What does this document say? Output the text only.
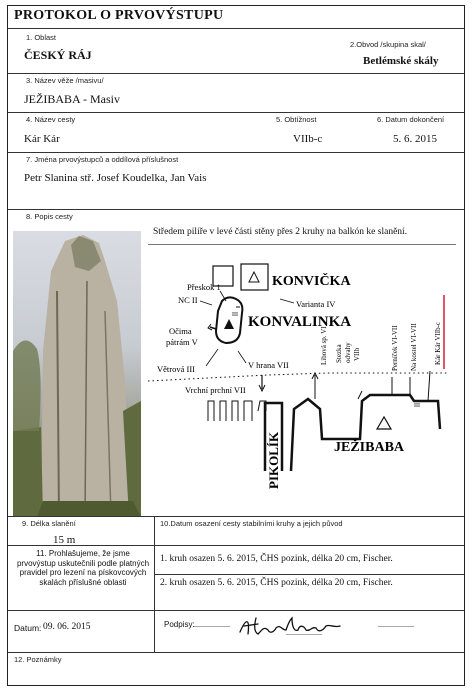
PROTOKOL O PRVOVÝSTUPU
1. Oblast
ČESKÝ RÁJ
2.Obvod /skupina skal/
Betlémské skály
3. Název věže /masivu/
JEŽIBABA - Masiv
4. Název cesty
Kár Kár
5. Obtížnost
VIIb-c
6. Datum dokončení
5. 6. 2015
7. Jména prvovýstupců a oddílová příslušnost
Petr Slanina stř. Josef Koudelka, Jan Vais
8. Popis cesty
Středem pilíře v levé části stěny přes 2 kruhy na balkón ke slanění.
KONVIČKA
Přeskok 1
NC II
III KONVALINKA
Varianta IV
Očima
pátrám V
Větrová III	V hrana VII
Vrchní prchní VII
PIKOLÍK	JEŽIBABA
Libová sp. VI Stezka odvahy VIIb	Perníček VI-VII Na kostel VI-VII Kár Kár VIIb-c
III
9. Délka slanění
15 m
10.Datum osazení cesty stabilními kruhy a jejich původ
11. Prohlašujeme, že jsme prvovýstup uskutečnili podle platných pravidel pro lezení na pískovcových skalách příslušné oblasti
1. kruh osazen 5. 6. 2015, ČHS pozink, délka 20 cm, Fischer.
2. kruh osazen 5. 6. 2015, ČHS pozink, délka 20 cm, Fischer.
Datum: 09. 06. 2015	Podpisy: ..................
..................
..................
12. Poznámky
